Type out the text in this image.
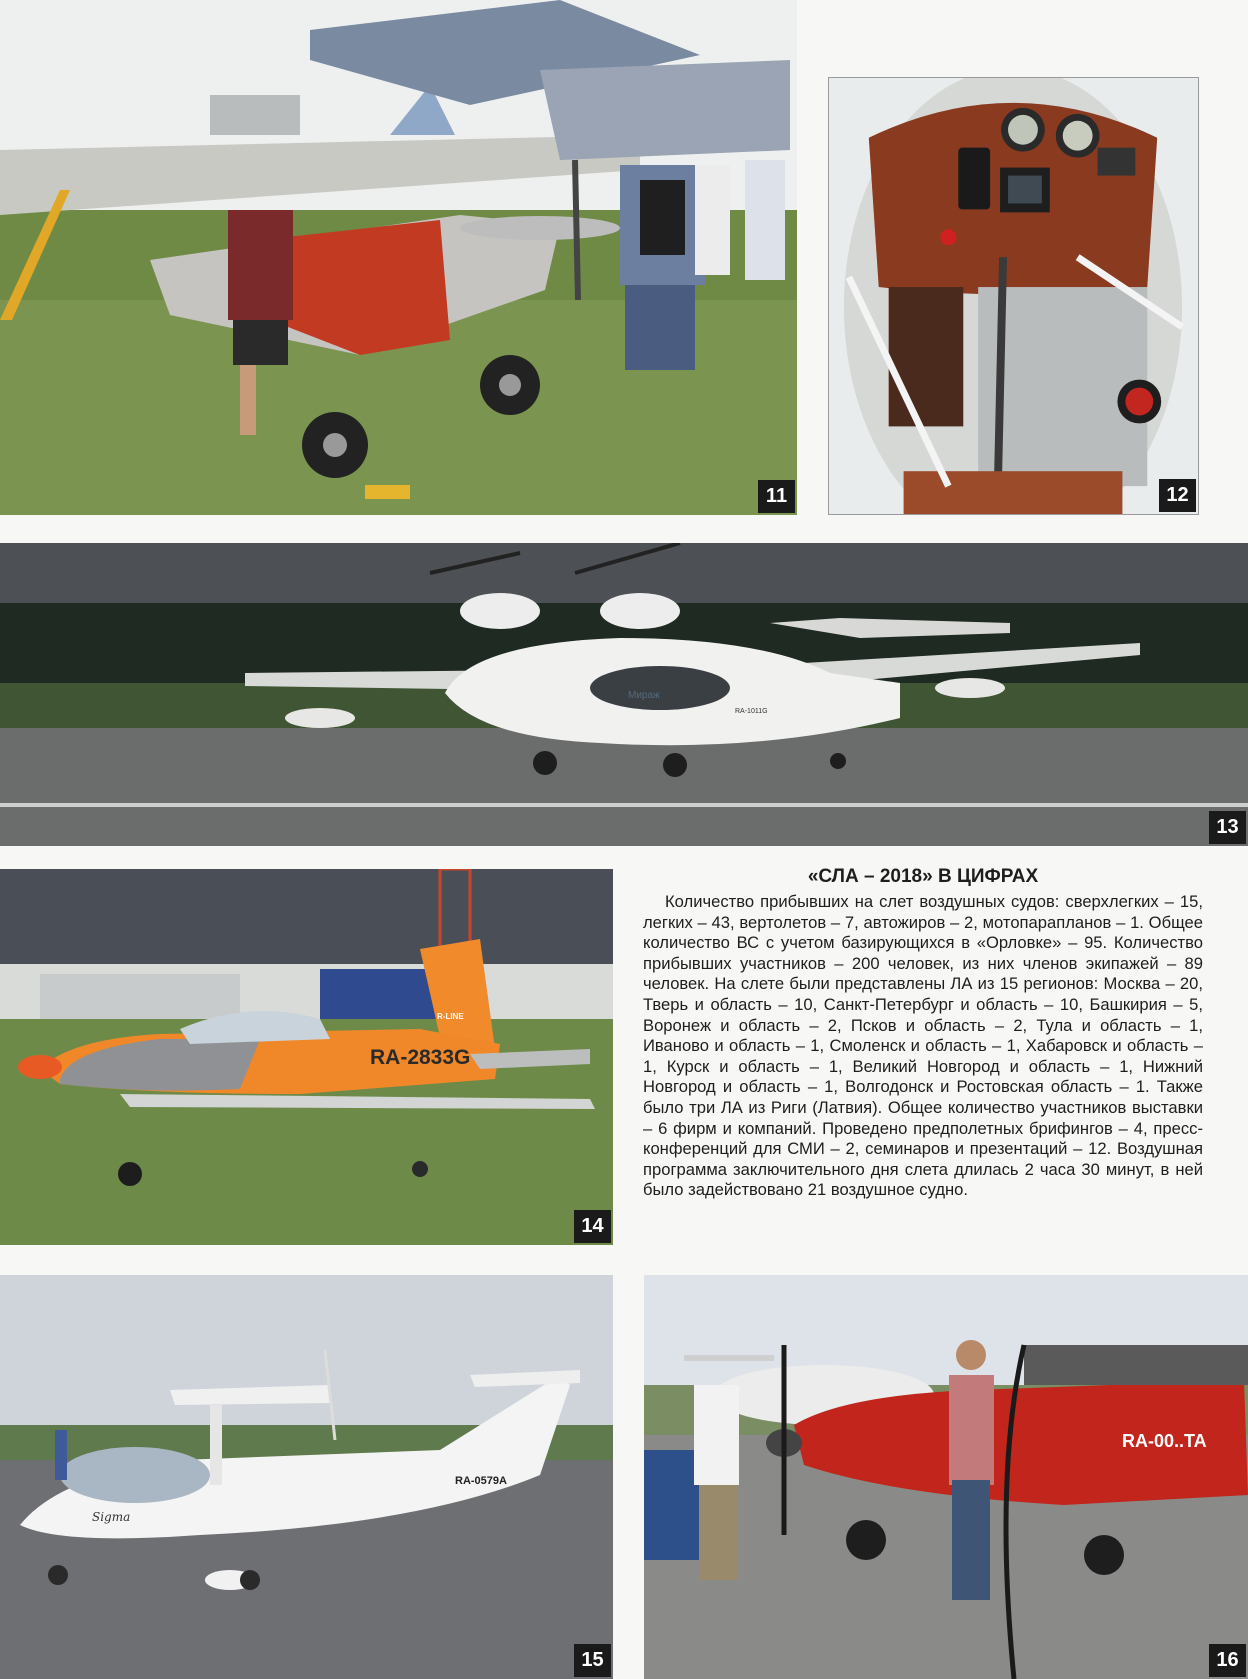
11	12
Мираж
RA-1011G
13
RA-2833G
R-LINE
14
«СЛА – 2018» В ЦИФРАХ

Количество прибывших на слет воздушных судов: сверхлегких – 15, легких – 43, вертолетов – 7, автожиров – 2, мотопарапланов – 1. Общее количество ВС с учетом базирующихся в «Орловке» – 95. Количество прибывших участников – 200 человек, из них членов экипажей – 89 человек. На слете были представлены ЛА из 15 регионов: Москва – 20, Тверь и область – 10, Санкт-Петербург и область – 10, Башкирия – 5, Воронеж и область – 2, Псков и область – 2, Тула и область – 1, Иваново и область – 1, Смоленск и область – 1, Хабаровск и область – 1, Курск и область – 1, Великий Новгород и область – 1, Нижний Новгород и область – 1, Волгодонск и Ростовская область – 1. Также было три ЛА из Риги (Латвия). Общее количество участников выставки – 6 фирм и компаний. Проведено предполетных брифингов – 4, пресс-конференций для СМИ – 2, семинаров и презентаций – 12. Воздушная программа заключительного дня слета длилась 2 часа 30 минут, в ней было задействовано 21 воздушное судно.

RA-0579A
Sigma
15
RA-00..TA
16
